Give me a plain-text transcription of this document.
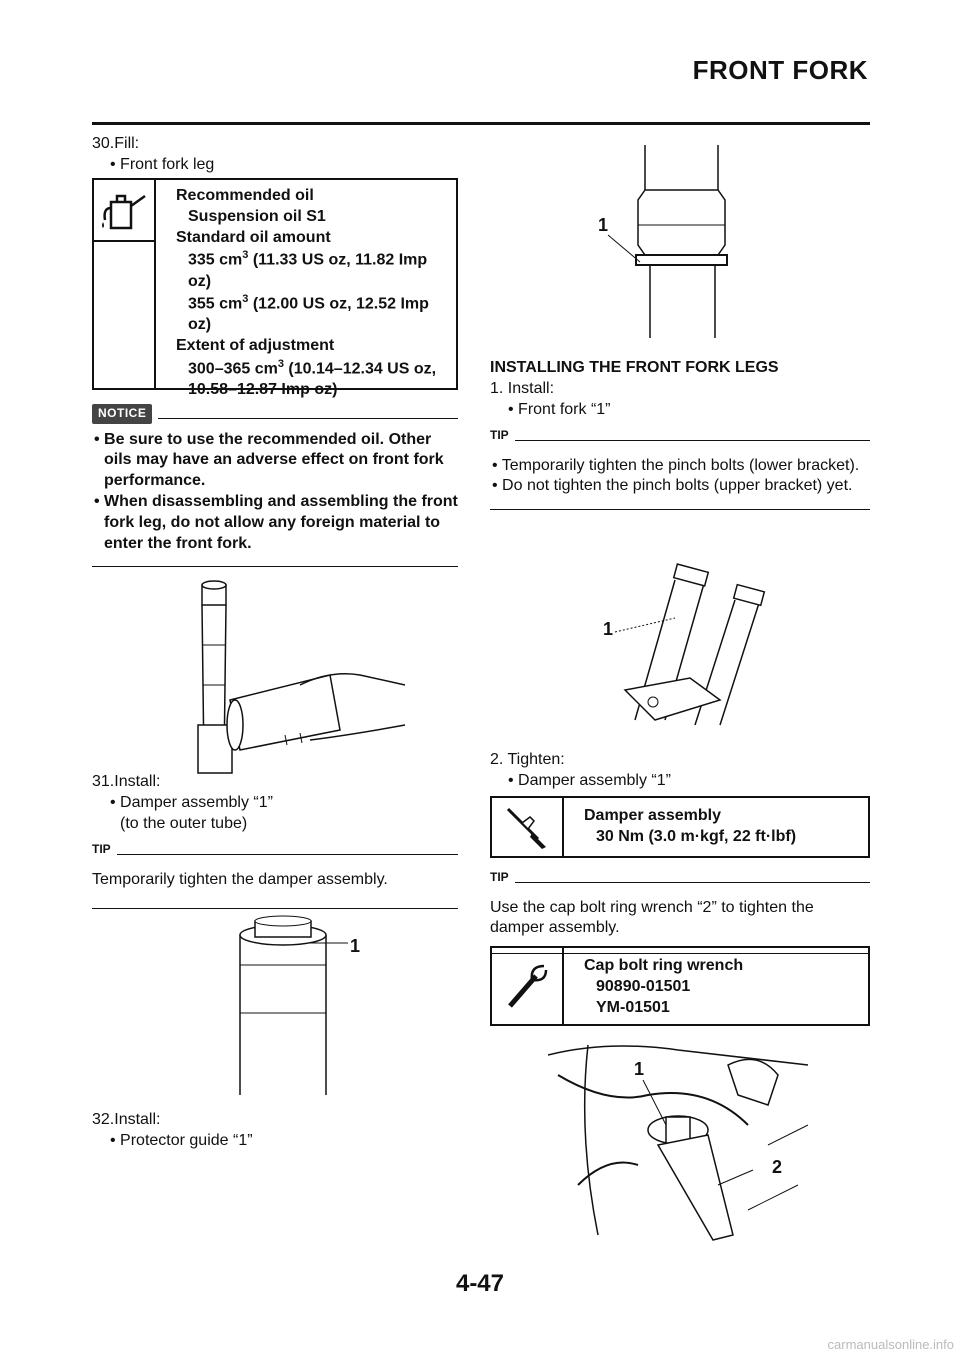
FRONT FORK
30.Fill:
• Front fork leg
Recommended oil
Suspension oil S1
Standard oil amount
335 $cm^3$ (11.33 US oz, 11.82 Imp oz)
355 $cm^3$ (12.00 US oz, 12.52 Imp oz)
Extent of adjustment
300–365 $cm^3$ (10.14–12.34 US oz, 10.58–12.87 Imp oz)
NOTICE
• Be sure to use the recommended oil. Other oils may have an adverse effect on front fork performance.
• When disassembling and assembling the front fork leg, do not allow any foreign material to enter the front fork.
31.Install:
• Damper assembly “1”
(to the outer tube)
TIP
Temporarily tighten the damper assembly.
1
32.Install:
• Protector guide “1”
1
INSTALLING THE FRONT FORK LEGS
1. Install:
• Front fork “1”
TIP
• Temporarily tighten the pinch bolts (lower bracket).
• Do not tighten the pinch bolts (upper bracket) yet.
1
2. Tighten:
• Damper assembly “1”
Damper assembly
30 Nm (3.0 m·kgf, 22 ft·lbf)
TIP
Use the cap bolt ring wrench “2” to tighten the damper assembly.
Cap bolt ring wrench
90890-01501
YM-01501
1
2
4-47
carmanualsonline.info
